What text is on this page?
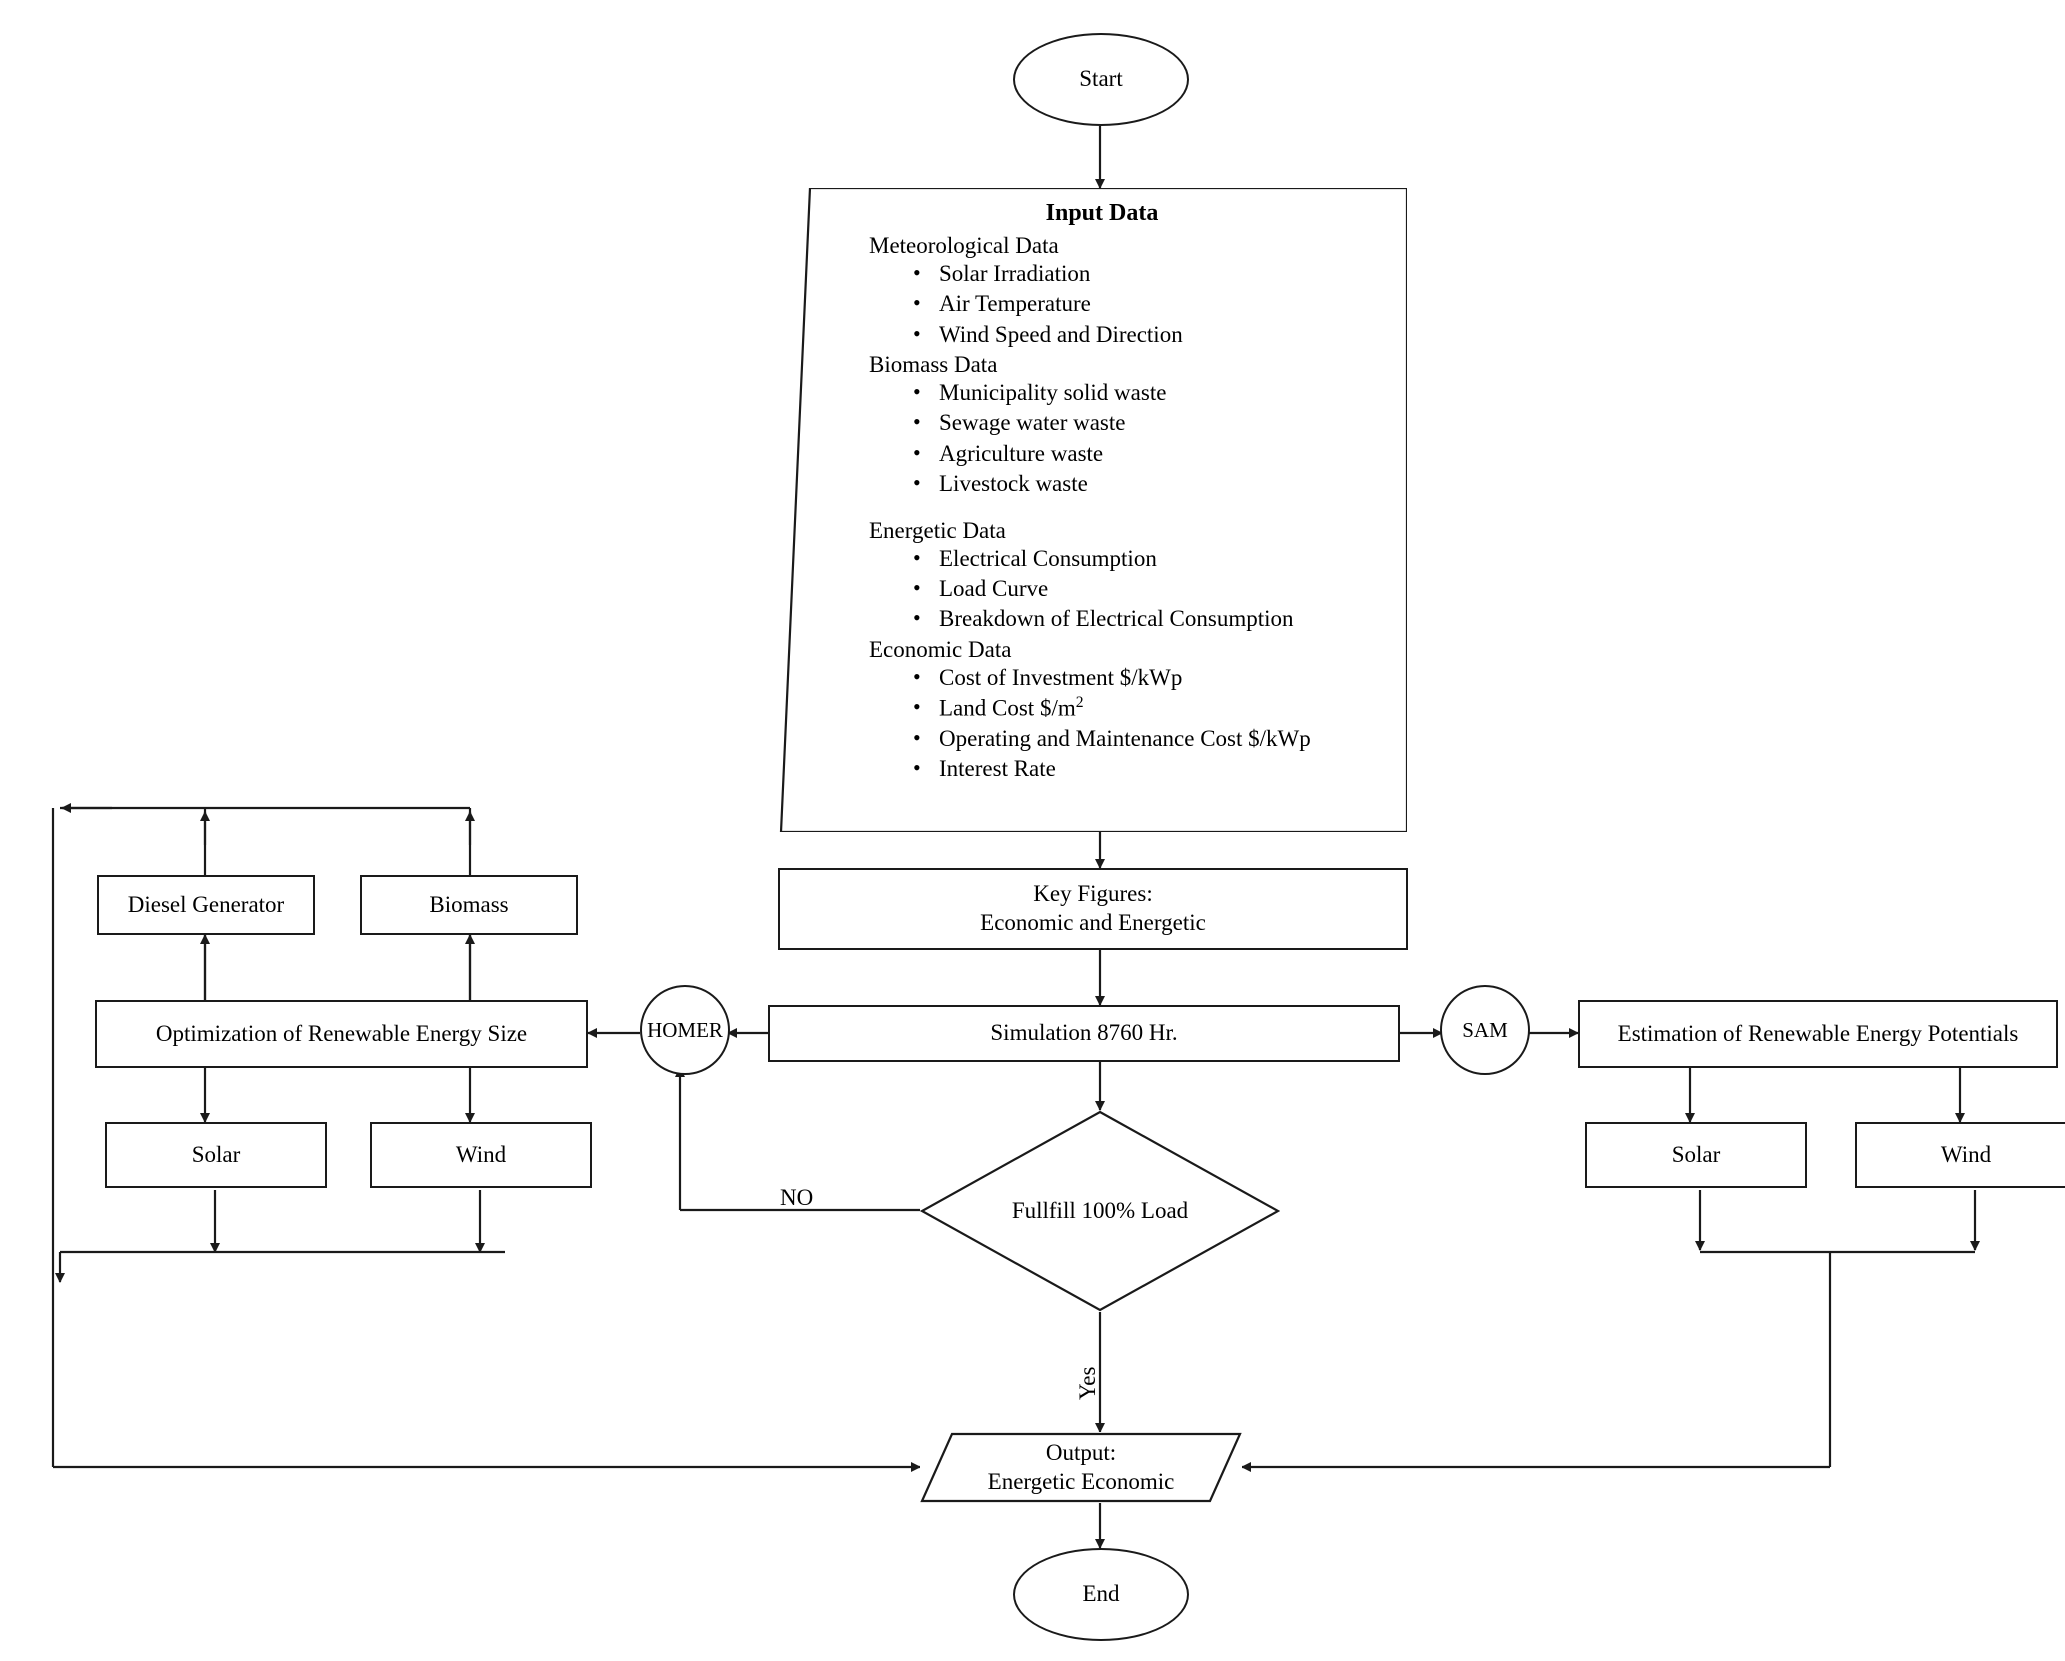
Start
Input Data
Meteorological Data
• Solar Irradiation
• Air Temperature
• Wind Speed and Direction
Biomass Data
• Municipality solid waste
• Sewage water waste
• Agriculture waste
• Livestock waste
Energetic Data
• Electrical Consumption
• Load Curve
• Breakdown of Electrical Consumption
Economic Data
• Cost of Investment $/kWp
• Land Cost $\$/m^2$
• Operating and Maintenance Cost $/kWp
• Interest Rate
Key Figures:
Economic and Energetic
Simulation 8760 Hr.
HOMER	SAM
Optimization of Renewable Energy Size
Diesel Generator	Biomass
Solar	Wind
Estimation of Renewable Energy Potentials
Solar	Wind
Fullfill 100% Load
Output:
Energetic Economic
End
NO
Yes
